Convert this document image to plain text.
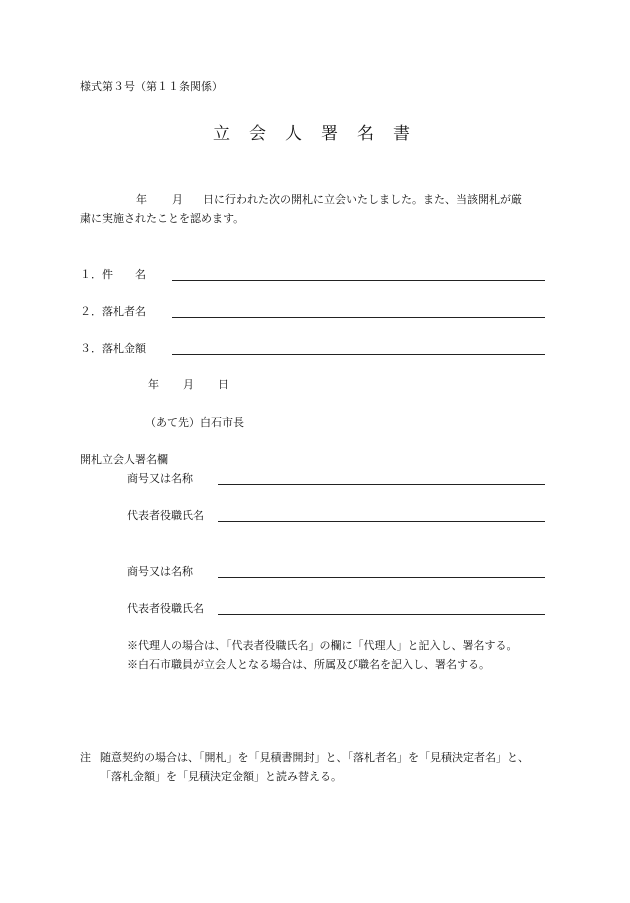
様式第３号（第１１条関係）
立会人署名書
年 月 日に行われた次の開札に立会いたしました。また、当該開札が厳
粛に実施されたことを認めます。
１．件　　名
２．落札者名
３．落札金額
年 月 日
（あて先）白石市長
開札立会人署名欄
商号又は名称
代表者役職氏名
商号又は名称
代表者役職氏名
※代理人の場合は、「代表者役職氏名」の欄に「代理人」と記入し、署名する。
※白石市職員が立会人となる場合は、所属及び職名を記入し、署名する。
注 随意契約の場合は、「開札」を「見積書開封」と、「落札者名」を「見積決定者名」と、
「落札金額」を「見積決定金額」と読み替える。
